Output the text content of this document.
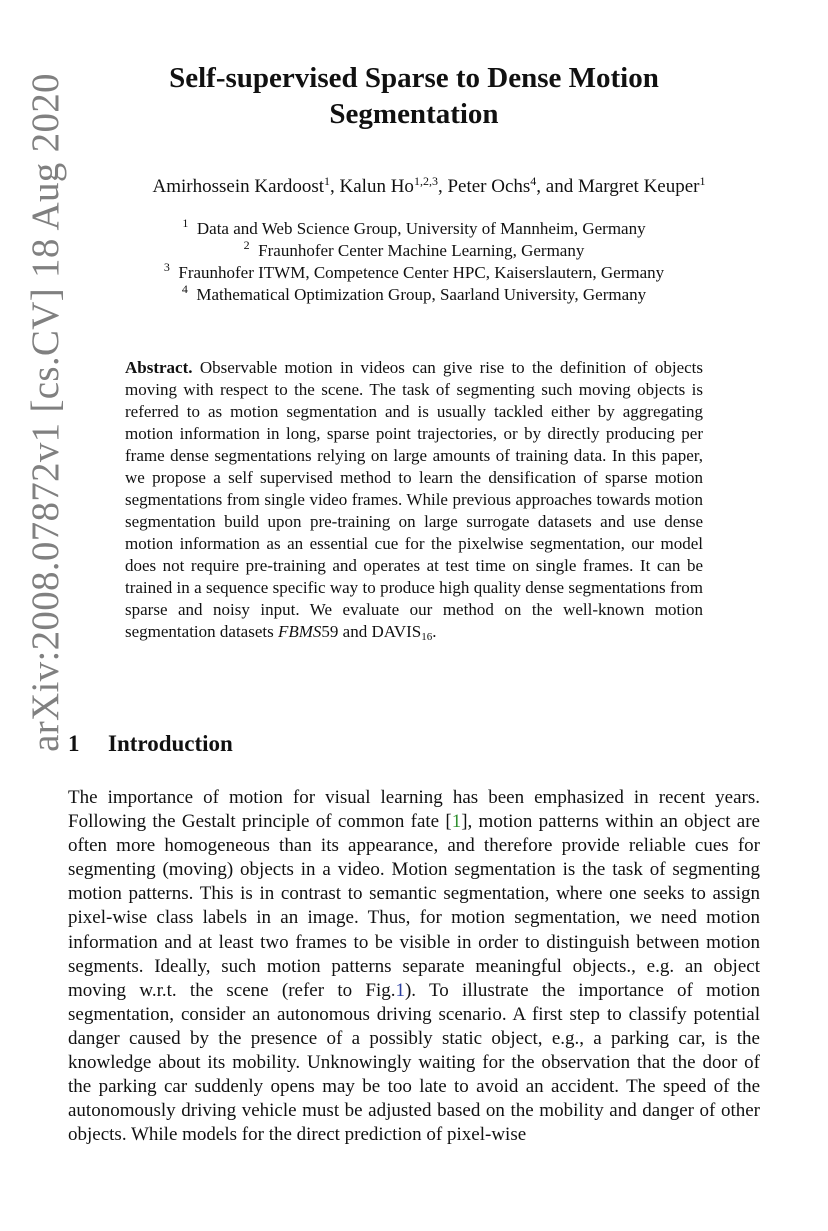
arXiv:2008.07872v1 [cs.CV] 18 Aug 2020	Self-supervised Sparse to Dense Motion Segmentation
Amirhossein Kardoost$^1$, Kalun Ho$^{1,2,3}$, Peter Ochs$^4$, and Margret Keuper$^1$
$^1$ Data and Web Science Group, University of Mannheim, Germany
$^2$ Fraunhofer Center Machine Learning, Germany
$^3$ Fraunhofer ITWM, Competence Center HPC, Kaiserslautern, Germany
$^4$ Mathematical Optimization Group, Saarland University, Germany

Abstract. Observable motion in videos can give rise to the definition of objects moving with respect to the scene. The task of segmenting such moving objects is referred to as motion segmentation and is usually tackled either by aggregating motion information in long, sparse point trajectories, or by directly producing per frame dense segmentations relying on large amounts of training data. In this paper, we propose a self supervised method to learn the densification of sparse motion segmentations from single video frames. While previous approaches towards motion segmentation build upon pre-training on large surrogate datasets and use dense motion information as an essential cue for the pixelwise segmentation, our model does not require pre-training and operates at test time on single frames. It can be trained in a sequence specific way to produce high quality dense segmentations from sparse and noisy input. We evaluate our method on the well-known motion segmentation datasets FBMS59 and $DAVIS_{16}$.

1 Introduction

The importance of motion for visual learning has been emphasized in recent years. Following the Gestalt principle of common fate [1], motion patterns within an object are often more homogeneous than its appearance, and therefore provide reliable cues for segmenting (moving) objects in a video. Motion segmentation is the task of segmenting motion patterns. This is in contrast to semantic segmentation, where one seeks to assign pixel-wise class labels in an image. Thus, for motion segmentation, we need motion information and at least two frames to be visible in order to distinguish between motion segments. Ideally, such motion patterns separate meaningful objects., e.g. an object moving w.r.t. the scene (refer to Fig.1). To illustrate the importance of motion segmentation, consider an autonomous driving scenario. A first step to classify potential danger caused by the presence of a possibly static object, e.g., a parking car, is the knowledge about its mobility. Unknowingly waiting for the observation that the door of the parking car suddenly opens may be too late to avoid an accident. The speed of the autonomously driving vehicle must be adjusted based on the mobility and danger of other objects. While models for the direct prediction of pixel-wise
